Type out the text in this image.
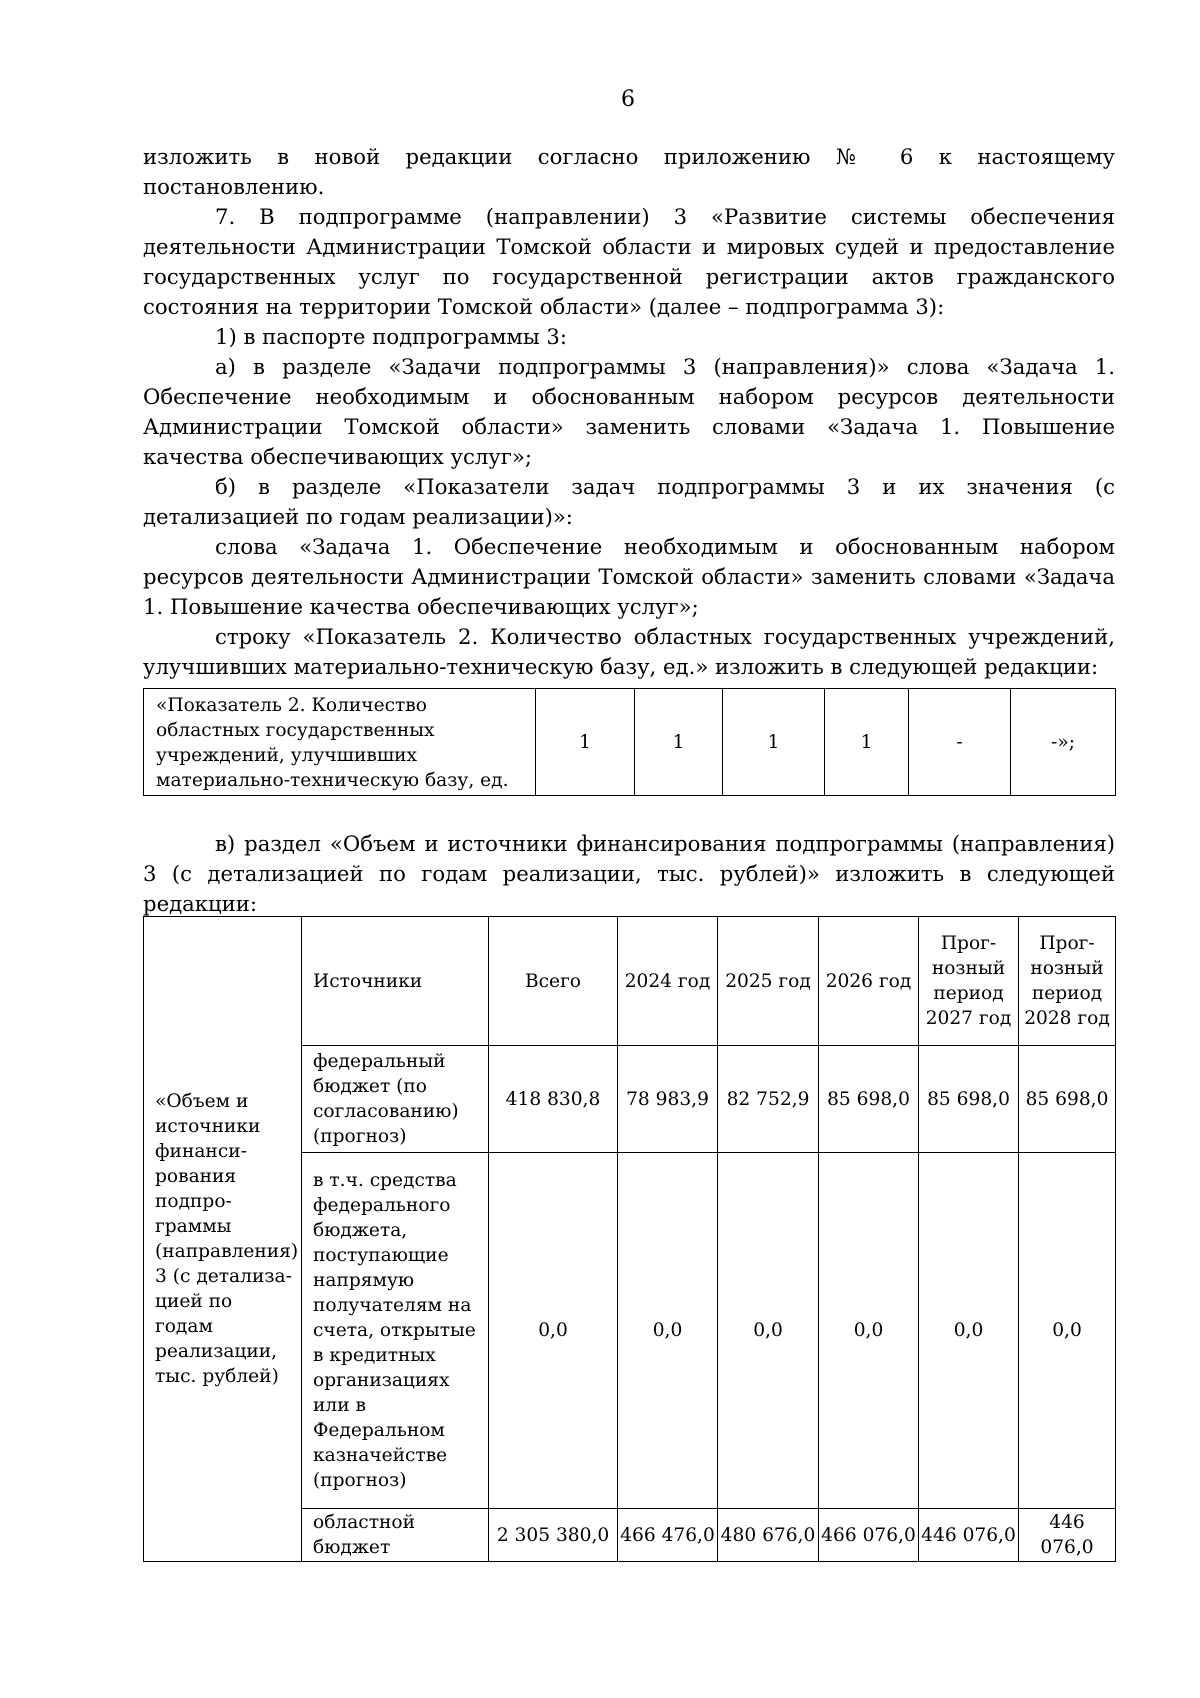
6

изложить в новой редакции согласно приложению № 6 к настоящему постановлению.

7. В подпрограмме (направлении) 3 «Развитие системы обеспечения деятельности Администрации Томской области и мировых судей и предоставление государственных услуг по государственной регистрации актов гражданского состояния на территории Томской области» (далее – подпрограмма 3):

1) в паспорте подпрограммы 3:

а) в разделе «Задачи подпрограммы 3 (направления)» слова «Задача 1. Обеспечение необходимым и обоснованным набором ресурсов деятельности Администрации Томской области» заменить словами «Задача 1. Повышение качества обеспечивающих услуг»;

б) в разделе «Показатели задач подпрограммы 3 и их значения (с детализацией по годам реализации)»:

слова «Задача 1. Обеспечение необходимым и обоснованным набором ресурсов деятельности Администрации Томской области» заменить словами «Задача 1. Повышение качества обеспечивающих услуг»;

строку «Показатель 2. Количество областных государственных учреждений, улучшивших материально-техническую базу, ед.» изложить в следующей редакции:

«Показатель 2. Количество областных государственных учреждений, улучшивших материально-техническую базу, ед.	1	1	1	1	-	-»;

в) раздел «Объем и источники финансирования подпрограммы (направления) 3 (с детализацией по годам реализации, тыс. рублей)» изложить в следующей редакции:

«Объем и источники финанси-рования подпро-граммы (направления) 3 (с детализа-цией по годам реализации, тыс. рублей)	Источники	Всего	2024 год	2025 год	2026 год	Прог-нозный период 2027 год	Прог-нозный период 2028 год
	федеральный бюджет (по согласованию) (прогноз)	418 830,8	78 983,9	82 752,9	85 698,0	85 698,0	85 698,0
	в т.ч. средства федерального бюджета, поступающие напрямую получателям на счета, открытые в кредитных организациях или в Федеральном казначействе (прогноз)	0,0	0,0	0,0	0,0	0,0	0,0
	областной бюджет	2 305 380,0	466 476,0	480 676,0	466 076,0	446 076,0	446 076,0
